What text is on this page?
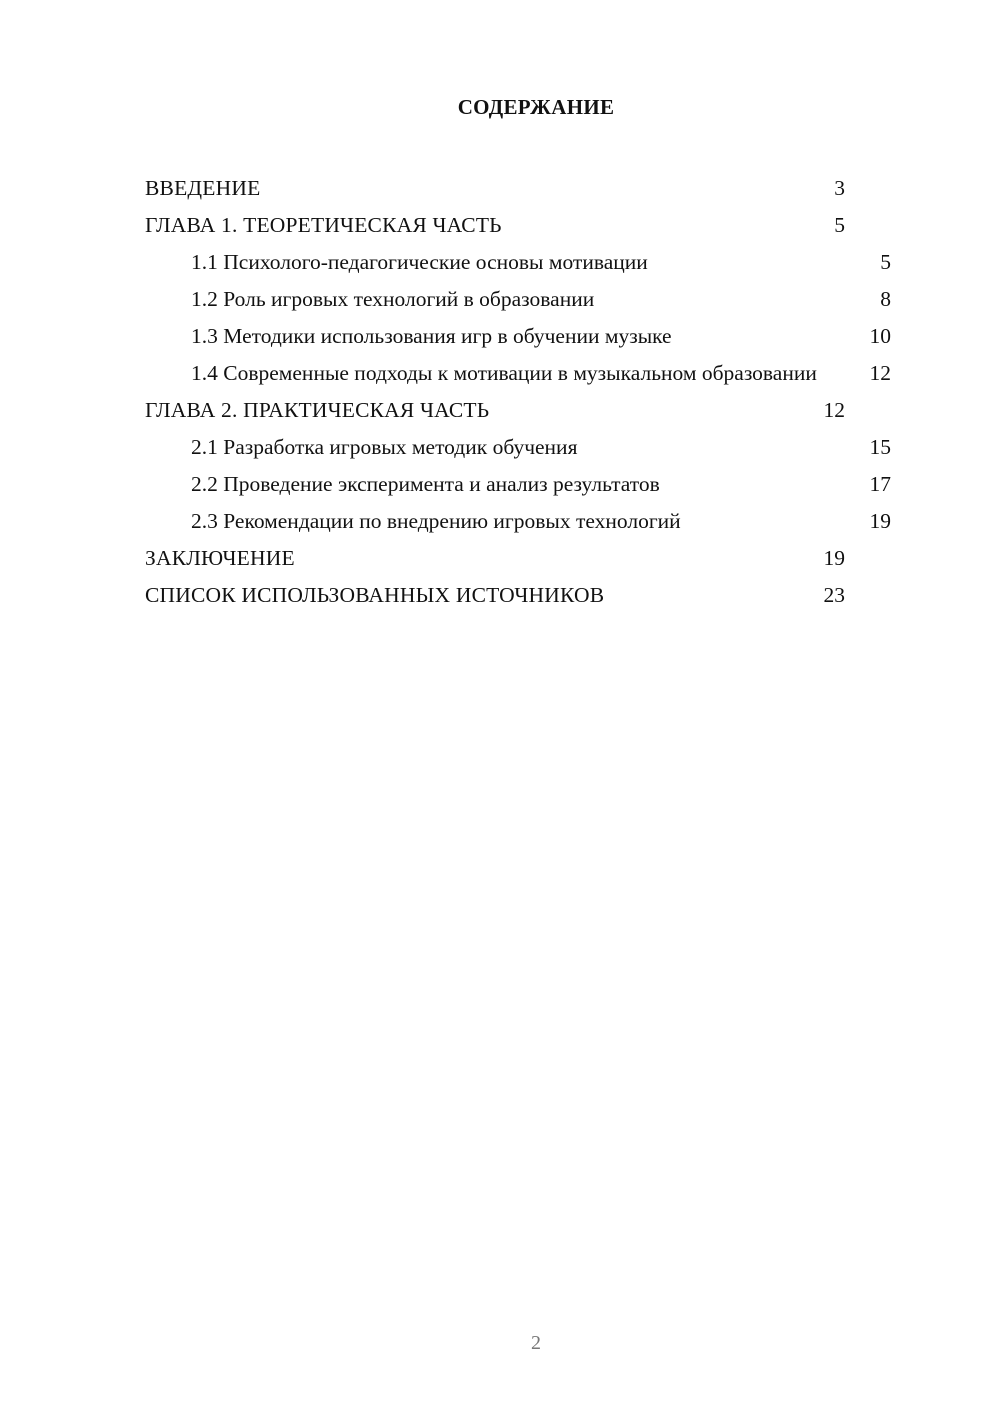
СОДЕРЖАНИЕ
ВВЕДЕНИЕ	3
ГЛАВА 1. ТЕОРЕТИЧЕСКАЯ ЧАСТЬ	5
1.1 Психолого-педагогические основы мотивации	5
1.2 Роль игровых технологий в образовании	8
1.3 Методики использования игр в обучении музыке	10
1.4 Современные подходы к мотивации в музыкальном образовании	12
ГЛАВА 2. ПРАКТИЧЕСКАЯ ЧАСТЬ	12
2.1 Разработка игровых методик обучения	15
2.2 Проведение эксперимента и анализ результатов	17
2.3 Рекомендации по внедрению игровых технологий	19
ЗАКЛЮЧЕНИЕ	19
СПИСОК ИСПОЛЬЗОВАННЫХ ИСТОЧНИКОВ	23
2
